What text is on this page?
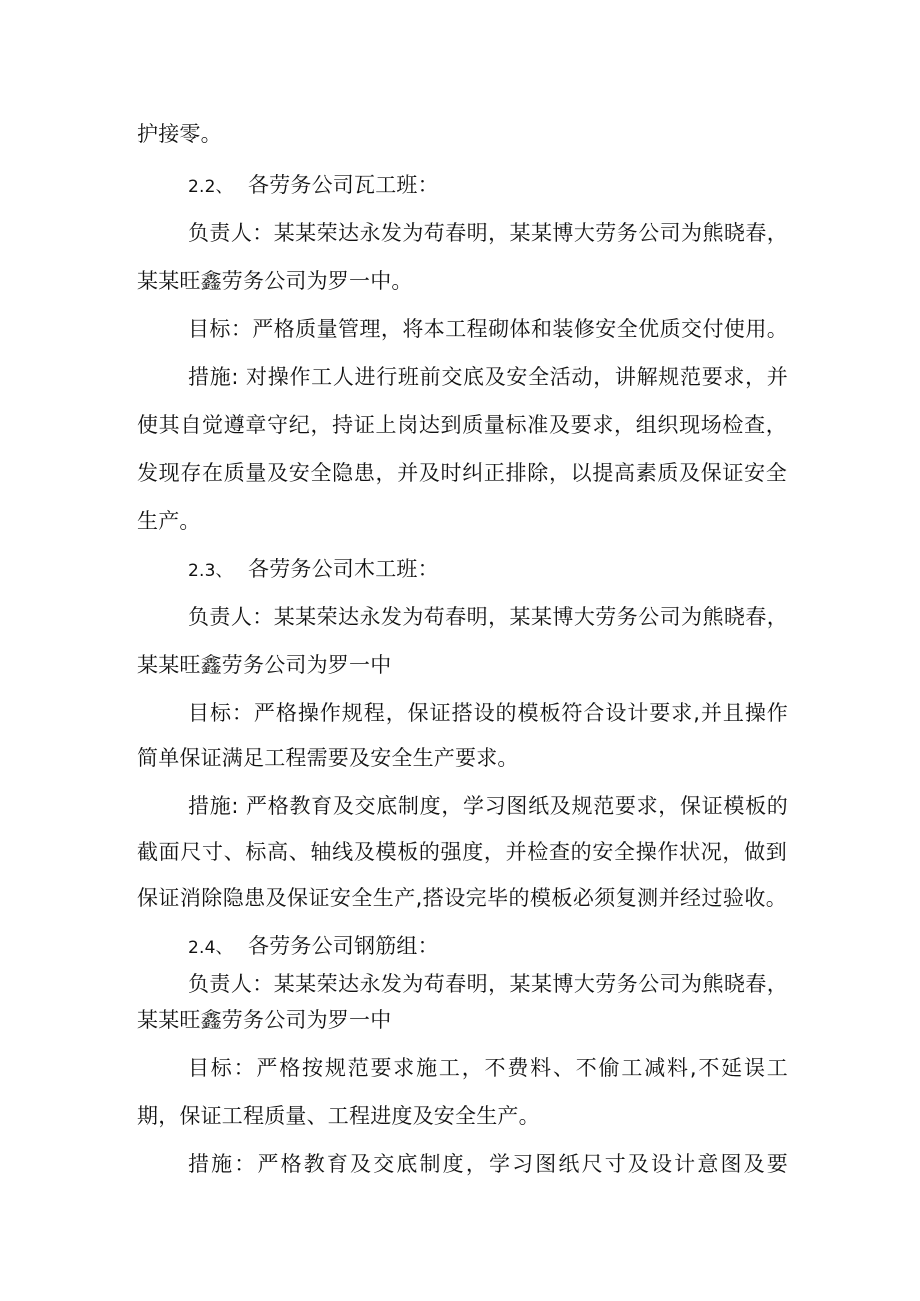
护接零。
2.2、 各劳务公司瓦工班：
负责人：某某荣达永发为苟春明，某某博大劳务公司为熊晓春，
某某旺鑫劳务公司为罗一中。
目标：严格质量管理，将本工程砌体和装修安全优质交付使用。
措施: 对操作工人进行班前交底及安全活动，讲解规范要求，并
使其自觉遵章守纪，持证上岗达到质量标准及要求，组织现场检查，
发现存在质量及安全隐患，并及时纠正排除，以提高素质及保证安全
生产。
2.3、 各劳务公司木工班：
负责人：某某荣达永发为苟春明，某某博大劳务公司为熊晓春，
某某旺鑫劳务公司为罗一中
目标：严格操作规程，保证搭设的模板符合设计要求,并且操作
简单保证满足工程需要及安全生产要求。
措施: 严格教育及交底制度，学习图纸及规范要求，保证模板的
截面尺寸、标高、轴线及模板的强度，并检查的安全操作状况，做到
保证消除隐患及保证安全生产,搭设完毕的模板必须复测并经过验收。
2.4、 各劳务公司钢筋组：
负责人：某某荣达永发为苟春明，某某博大劳务公司为熊晓春，
某某旺鑫劳务公司为罗一中
目标：严格按规范要求施工，不费料、不偷工减料,不延误工
期，保证工程质量、工程进度及安全生产。
措施：严格教育及交底制度，学习图纸尺寸及设计意图及要
